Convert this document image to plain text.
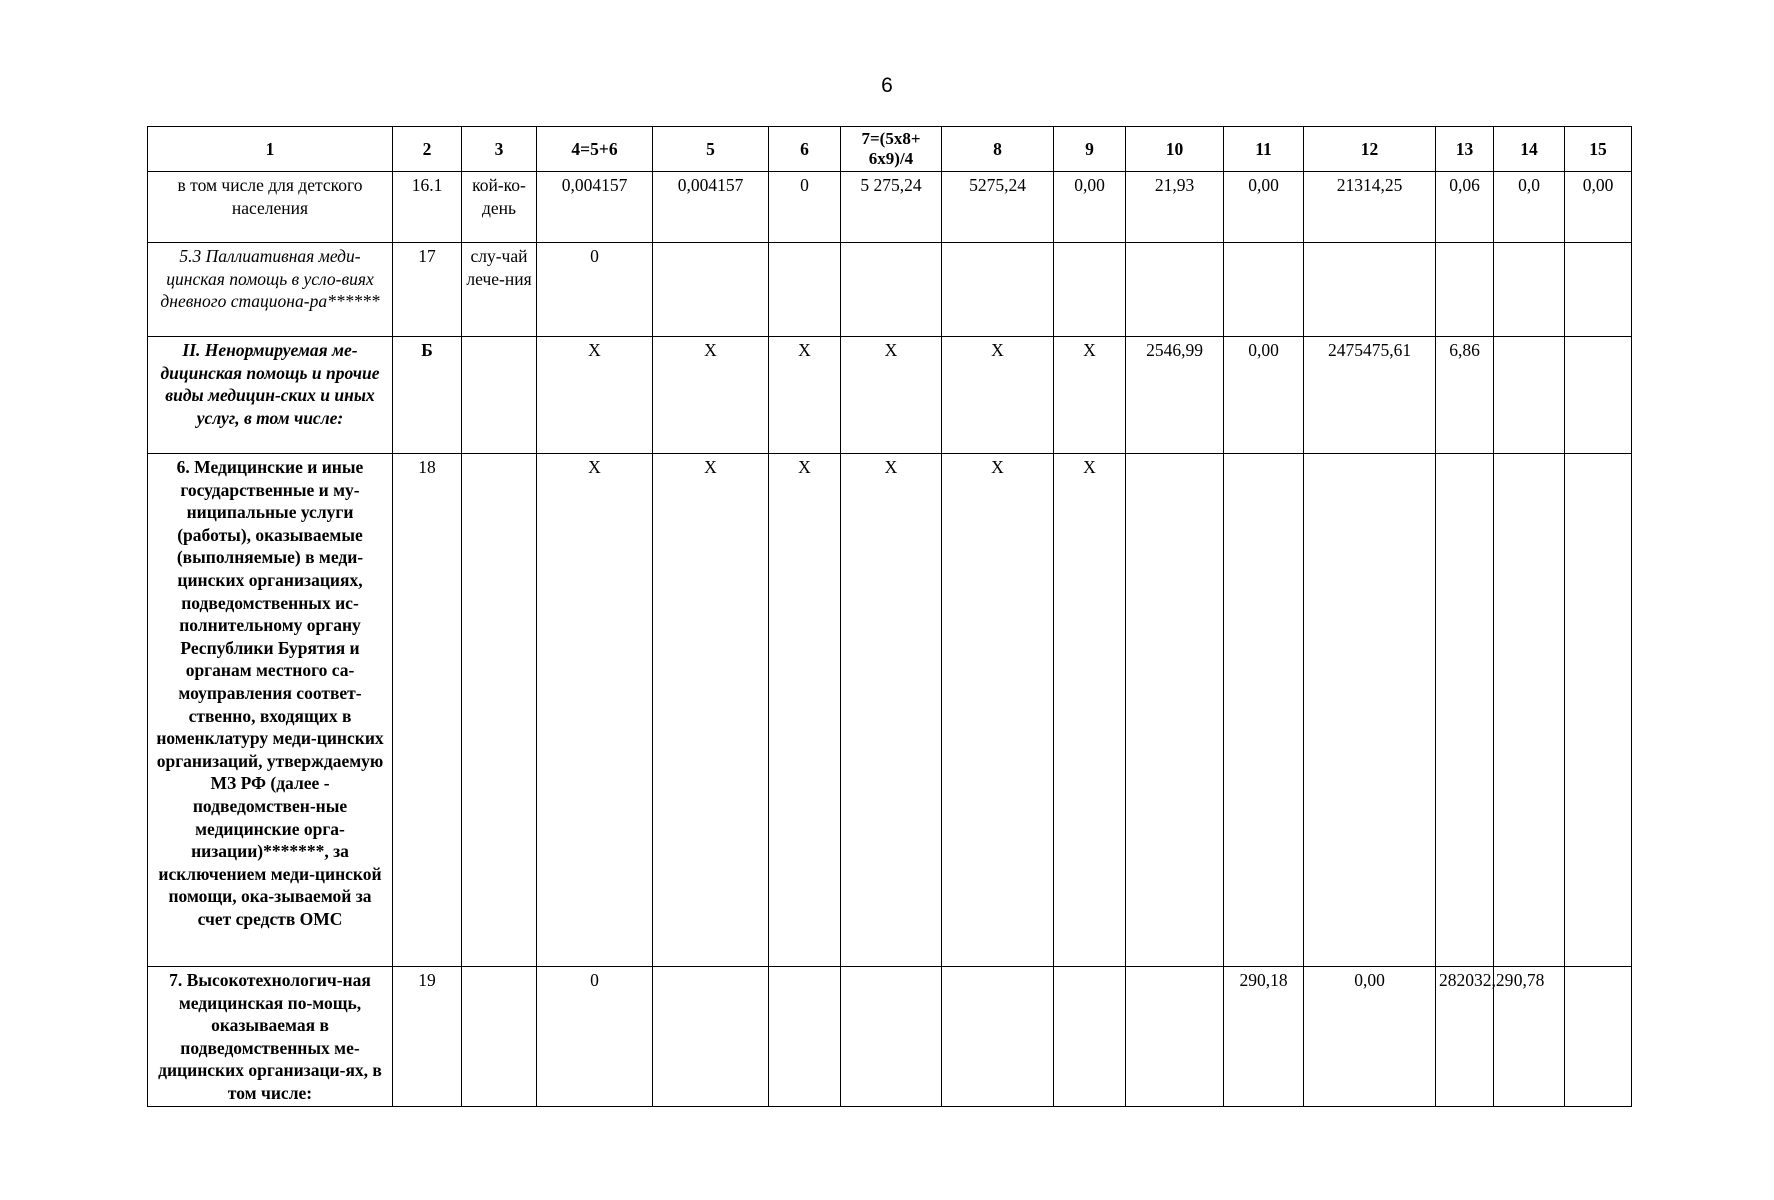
6
1	2	3	4=5+6	5	6	7=(5х8+ 6х9)/4	8	9	10	11	12	13	14	15	
в том числе для детского населения	16.1	кой-ко-день	0,004157	0,004157	0	5 275,24	5275,24	0,00	21,93	0,00	21314,25	0,06	0,0	0,00	
5.3 Паллиативная меди-цинская помощь в усло-виях дневного стациона-ра******	17	слу-чай лече-ния	0												
II. Ненормируемая ме-дицинская помощь и прочие виды медицин-ских и иных услуг, в том числе:	Б		Х	Х	Х	Х	Х	Х	2546,99	0,00	2475475,61	6,86			
6. Медицинские и иные государственные и му-ниципальные услуги (работы), оказываемые (выполняемые) в меди-цинских организациях, подведомственных ис-полнительному органу Республики Бурятия и органам местного са-моуправления соответ-ственно, входящих в номенклатуру меди-цинских организаций, утверждаемую МЗ РФ (далее - подведомствен-ные медицинские орга-низации)*******, за исключением меди-цинской помощи, ока-зываемой за счет средств ОМС	18		Х	Х	Х	Х	Х	Х							
7. Высокотехнологич-ная медицинская по-мощь, оказываемая в подведомственных ме-дицинских организаци-ях, в том числе:	19		0							290,18	0,00	282032,29	0,78		
